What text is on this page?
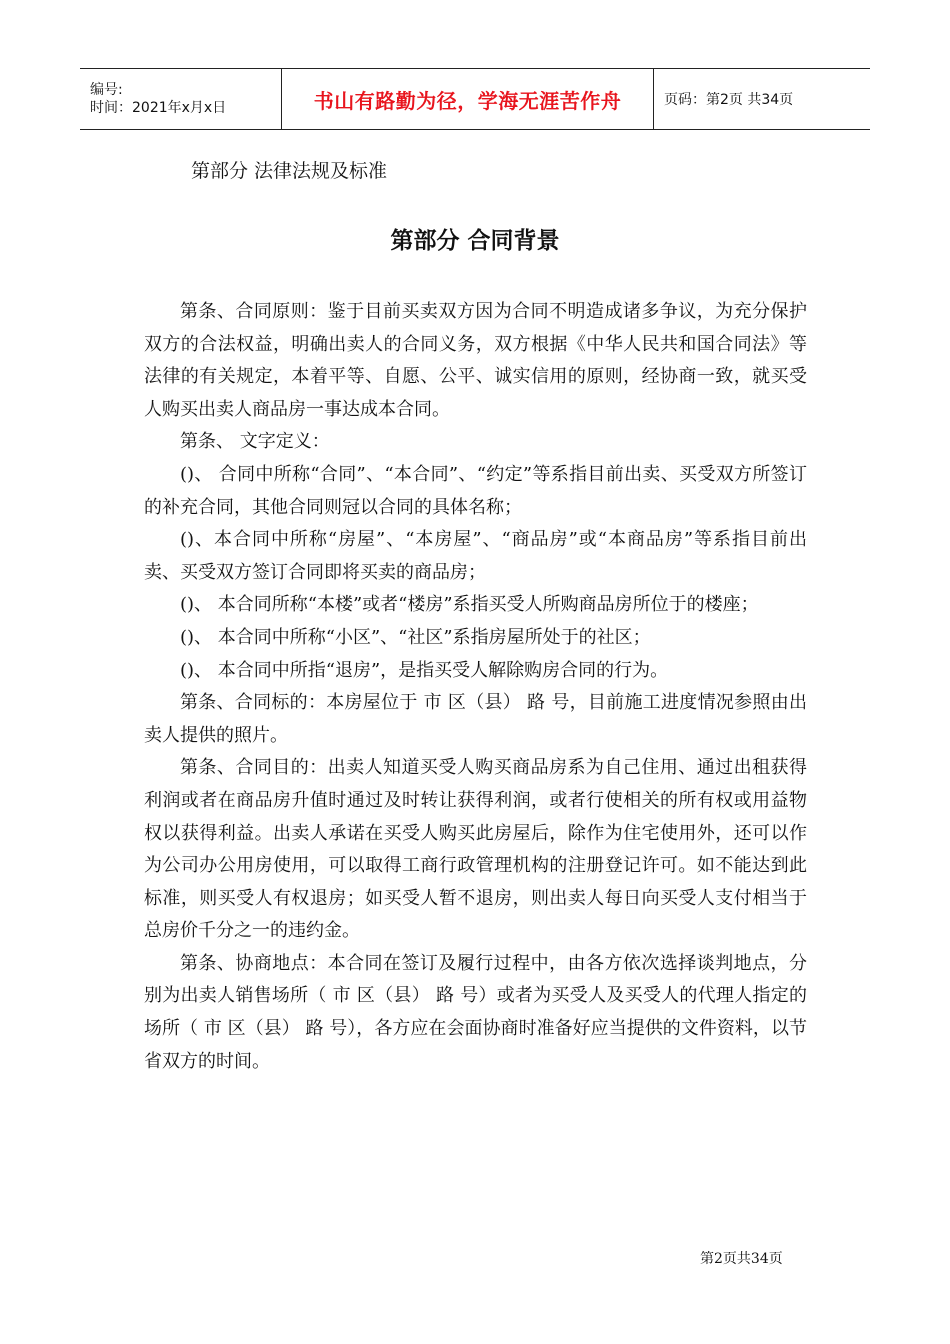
编号:
时间：2021年x月x日	书山有路勤为径，学海无涯苦作舟	页码：第2页 共34页
第部分 法律法规及标准
第部分 合同背景

第条、合同原则：鉴于目前买卖双方因为合同不明造成诸多争议，为充分保护双方的合法权益，明确出卖人的合同义务，双方根据《中华人民共和国合同法》等法律的有关规定，本着平等、自愿、公平、诚实信用的原则，经协商一致，就买受人购买出卖人商品房一事达成本合同。

第条、 文字定义：

()、 合同中所称“合同”、“本合同”、“约定”等系指目前出卖、买受双方所签订的补充合同，其他合同则冠以合同的具体名称；

()、本合同中所称“房屋”、“本房屋”、“商品房”或“本商品房”等系指目前出卖、买受双方签订合同即将买卖的商品房；

()、 本合同所称“本楼”或者“楼房”系指买受人所购商品房所位于的楼座；

()、 本合同中所称“小区”、“社区”系指房屋所处于的社区；

()、 本合同中所指“退房”，是指买受人解除购房合同的行为。

第条、合同标的：本房屋位于 市 区（县） 路 号，目前施工进度情况参照由出卖人提供的照片。

第条、合同目的：出卖人知道买受人购买商品房系为自己住用、通过出租获得利润或者在商品房升值时通过及时转让获得利润，或者行使相关的所有权或用益物权以获得利益。出卖人承诺在买受人购买此房屋后，除作为住宅使用外，还可以作为公司办公用房使用，可以取得工商行政管理机构的注册登记许可。如不能达到此标准，则买受人有权退房；如买受人暂不退房，则出卖人每日向买受人支付相当于总房价千分之一的违约金。

第条、协商地点：本合同在签订及履行过程中，由各方依次选择谈判地点，分别为出卖人销售场所（ 市 区（县） 路 号）或者为买受人及买受人的代理人指定的场所（ 市 区（县） 路 号），各方应在会面协商时准备好应当提供的文件资料，以节省双方的时间。

第2页共34页
